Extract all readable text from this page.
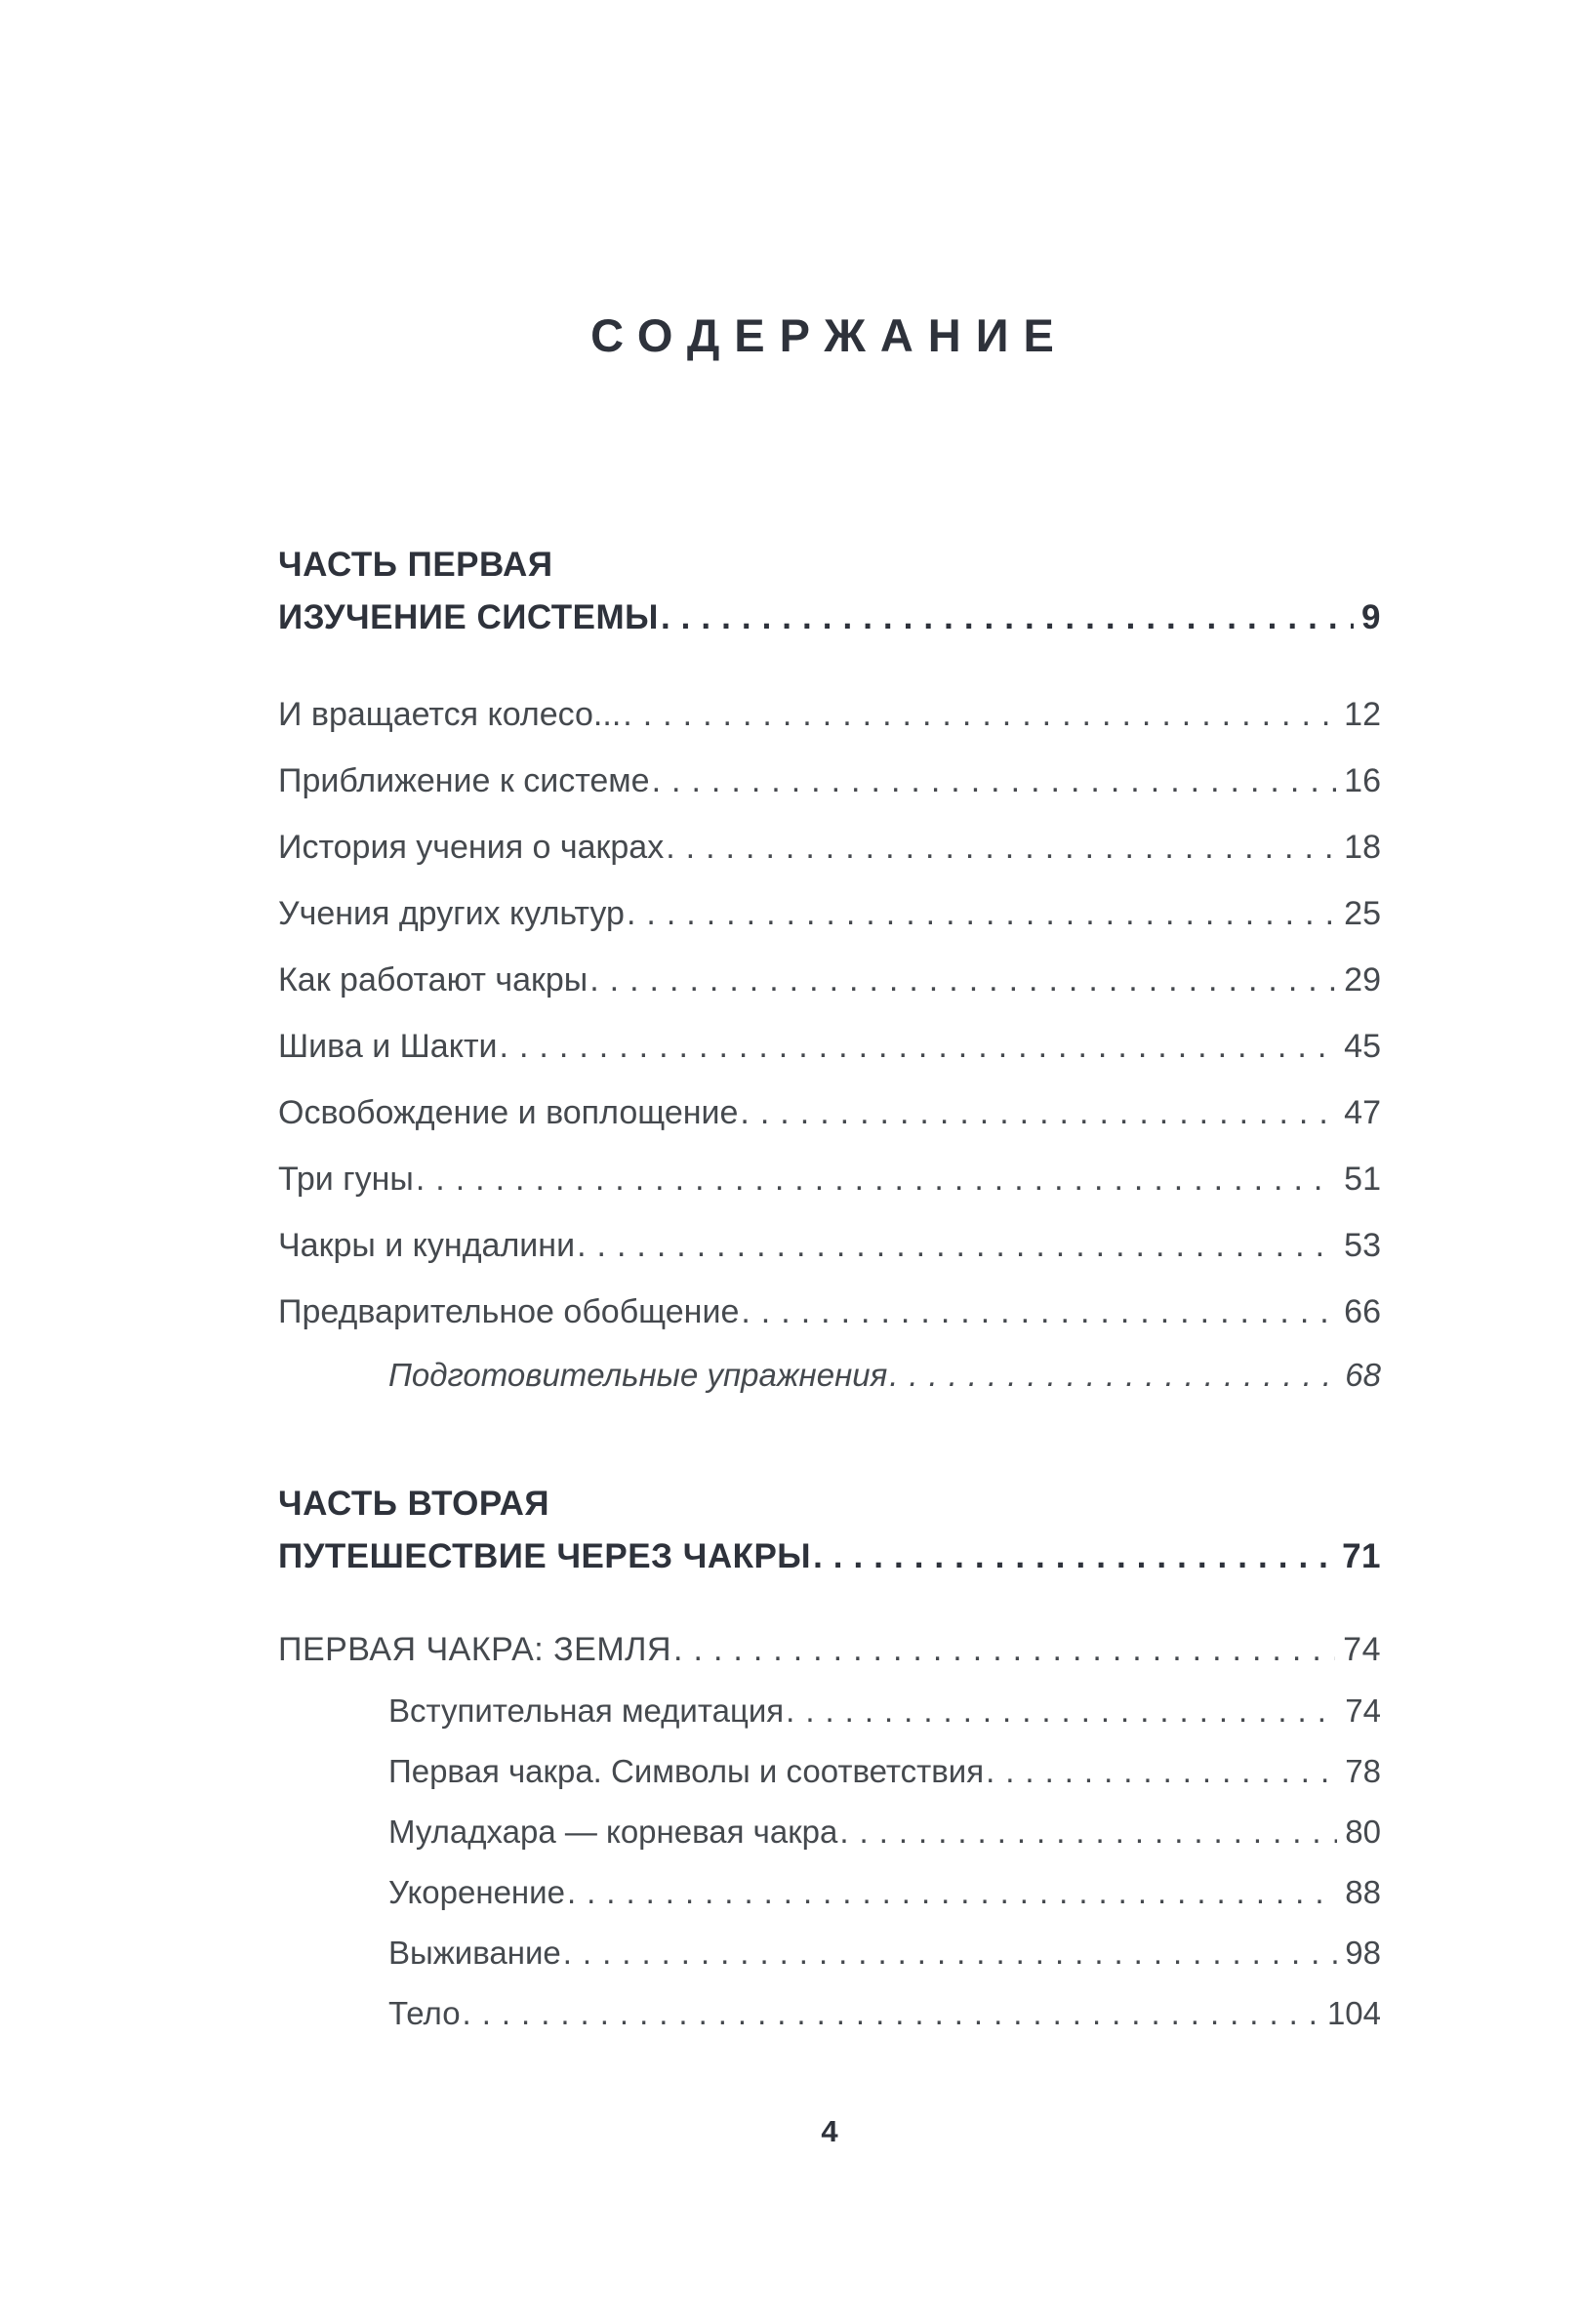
СОДЕРЖАНИЕ
ЧАСТЬ ПЕРВАЯ
ИЗУЧЕНИЕ СИСТЕМЫ .....	9
И вращается колесо... .....	12
Приближение к системе .....	16
История учения о чакрах .....	18
Учения других культур .....	25
Как работают чакры .....	29
Шива и Шакти .....	45
Освобождение и воплощение .....	47
Три гуны .....	51
Чакры и кундалини .....	53
Предварительное обобщение .....	66
Подготовительные упражнения .....	68
ЧАСТЬ ВТОРАЯ
ПУТЕШЕСТВИЕ ЧЕРЕЗ ЧАКРЫ .....	71
ПЕРВАЯ ЧАКРА: ЗЕМЛЯ .....	74
Вступительная медитация .....	74
Первая чакра. Символы и соответствия .....	78
Муладхара — корневая чакра .....	80
Укоренение .....	88
Выживание .....	98
Тело .....	104
4
